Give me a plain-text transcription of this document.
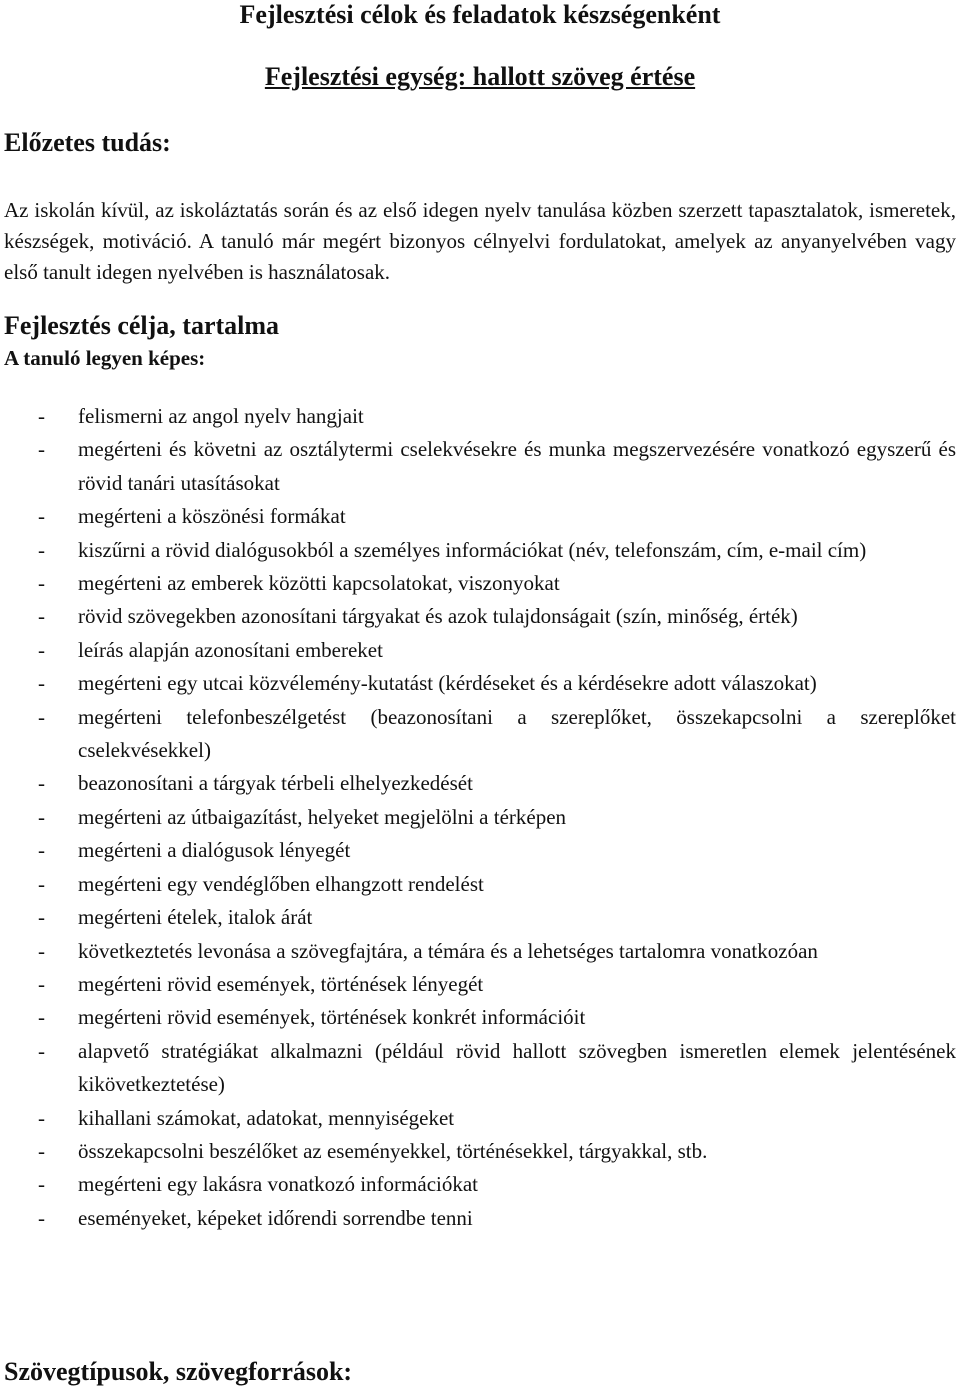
Fejlesztési célok és feladatok készségenként
Fejlesztési egység: hallott szöveg értése
Előzetes tudás:

Az iskolán kívül, az iskoláztatás során és az első idegen nyelv tanulása közben szerzett tapasztalatok, ismeretek, készségek, motiváció. A tanuló már megért bizonyos célnyelvi fordulatokat, amelyek az anyanyelvében vagy első tanult idegen nyelvében is használatosak.

Fejlesztés célja, tartalma

A tanuló legyen képes:

- felismerni az angol nyelv hangjait
- megérteni és követni az osztálytermi cselekvésekre és munka megszervezésére vonatkozó egyszerű és rövid tanári utasításokat
- megérteni a köszönési formákat
- kiszűrni a rövid dialógusokból a személyes információkat (név, telefonszám, cím, e-mail cím)
- megérteni az emberek közötti kapcsolatokat, viszonyokat
- rövid szövegekben azonosítani tárgyakat és azok tulajdonságait (szín, minőség, érték)
- leírás alapján azonosítani embereket
- megérteni egy utcai közvélemény-kutatást (kérdéseket és a kérdésekre adott válaszokat)
- megérteni telefonbeszélgetést (beazonosítani a szereplőket, összekapcsolni a szereplőket cselekvésekkel)
- beazonosítani a tárgyak térbeli elhelyezkedését
- megérteni az útbaigazítást, helyeket megjelölni a térképen
- megérteni a dialógusok lényegét
- megérteni egy vendéglőben elhangzott rendelést
- megérteni ételek, italok árát
- következtetés levonása a szövegfajtára, a témára és a lehetséges tartalomra vonatkozóan
- megérteni rövid események, történések lényegét
- megérteni rövid események, történések konkrét információit
- alapvető stratégiákat alkalmazni (például rövid hallott szövegben ismeretlen elemek jelentésének kikövetkeztetése)
- kihallani számokat, adatokat, mennyiségeket
- összekapcsolni beszélőket az eseményekkel, történésekkel, tárgyakkal, stb.
- megérteni egy lakásra vonatkozó információkat
- eseményeket, képeket időrendi sorrendbe tenni
Szövegtípusok, szövegforrások:
